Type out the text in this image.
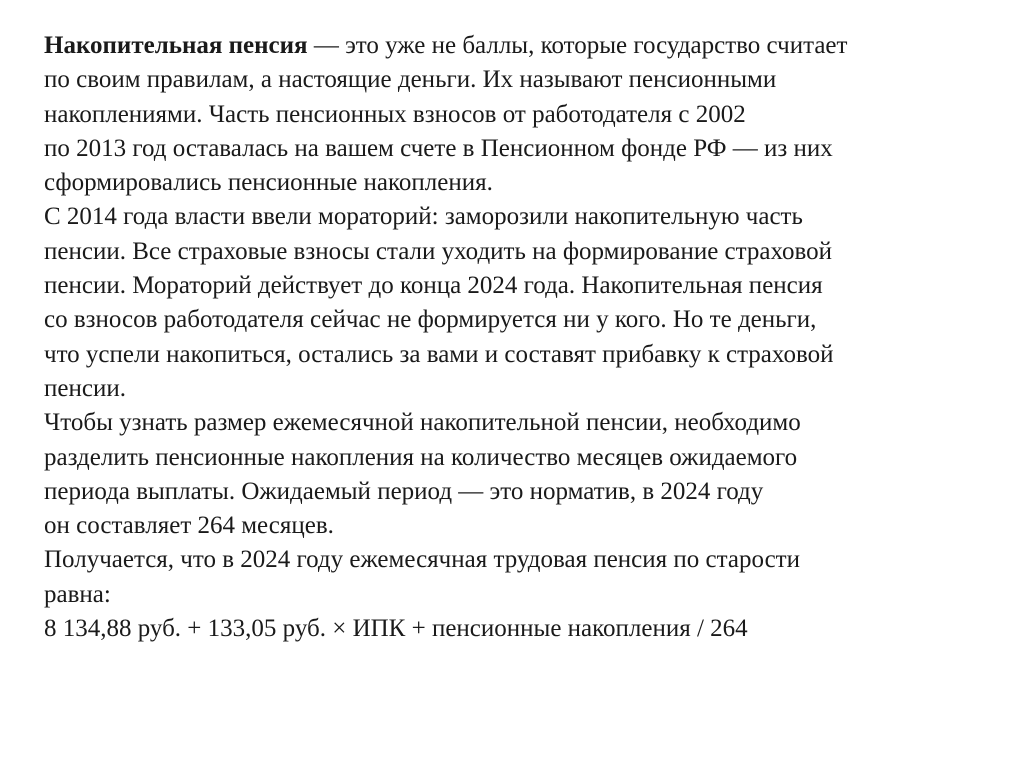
Накопительная пенсия — это уже не баллы, которые государство считает
по своим правилам, а настоящие деньги. Их называют пенсионными
накоплениями. Часть пенсионных взносов от работодателя с 2002
по 2013 год оставалась на вашем счете в Пенсионном фонде РФ — из них
сформировались пенсионные накопления.
С 2014 года власти ввели мораторий: заморозили накопительную часть
пенсии. Все страховые взносы стали уходить на формирование страховой
пенсии. Мораторий действует до конца 2024 года. Накопительная пенсия
со взносов работодателя сейчас не формируется ни у кого. Но те деньги,
что успели накопиться, остались за вами и составят прибавку к страховой
пенсии.
Чтобы узнать размер ежемесячной накопительной пенсии, необходимо
разделить пенсионные накопления на количество месяцев ожидаемого
периода выплаты. Ожидаемый период — это норматив, в 2024 году
он составляет 264 месяцев.
Получается, что в 2024 году ежемесячная трудовая пенсия по старости
равна:
8 134,88 руб. + 133,05 руб. × ИПК + пенсионные накопления / 264
